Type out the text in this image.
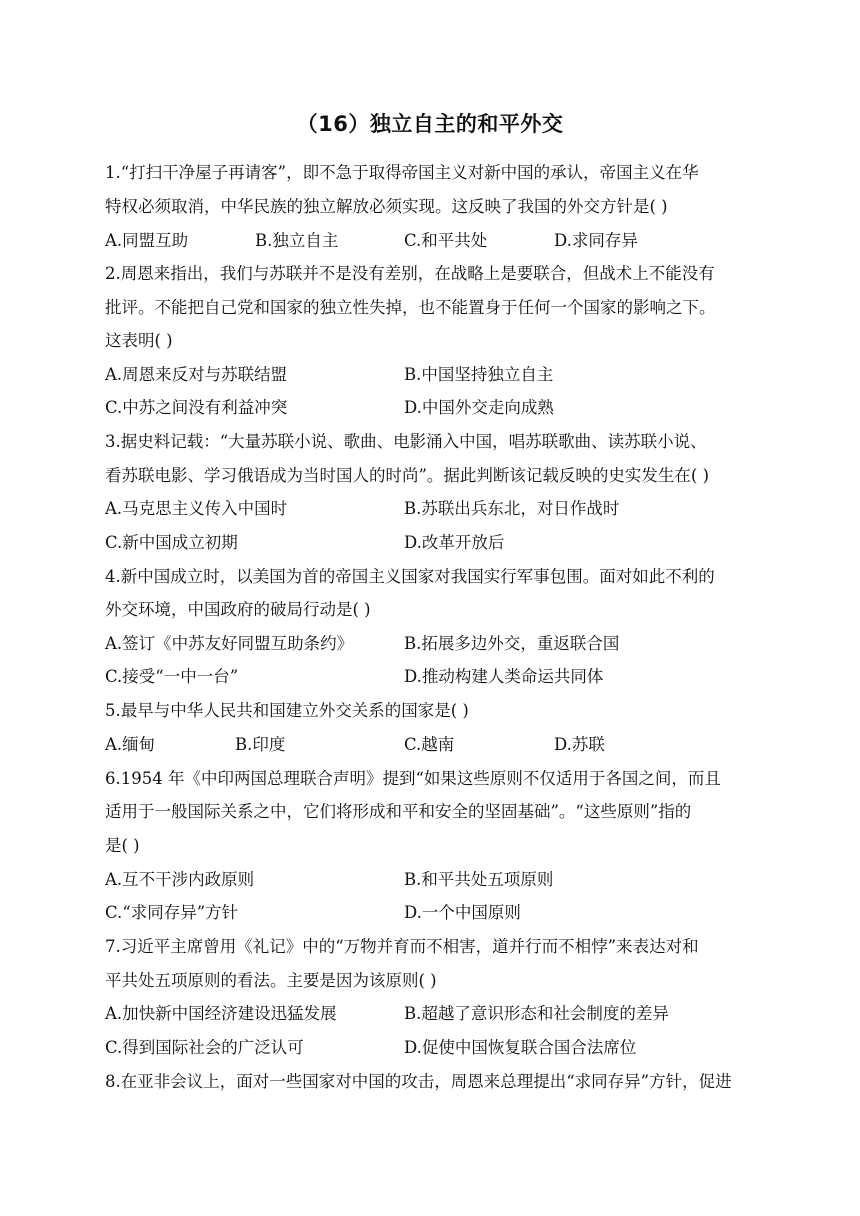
（16）独立自主的和平外交
1.“打扫干净屋子再请客”，即不急于取得帝国主义对新中国的承认，帝国主义在华
特权必须取消，中华民族的独立解放必须实现。这反映了我国的外交方针是( )
A.同盟互助	B.独立自主	C.和平共处	D.求同存异
2.周恩来指出，我们与苏联并不是没有差别，在战略上是要联合，但战术上不能没有
批评。不能把自己党和国家的独立性失掉，也不能置身于任何一个国家的影响之下。
这表明( )
A.周恩来反对与苏联结盟	B.中国坚持独立自主
C.中苏之间没有利益冲突	D.中国外交走向成熟
3.据史料记载：“大量苏联小说、歌曲、电影涌入中国，唱苏联歌曲、读苏联小说、
看苏联电影、学习俄语成为当时国人的时尚”。据此判断该记载反映的史实发生在( )
A.马克思主义传入中国时	B.苏联出兵东北，对日作战时
C.新中国成立初期	D.改革开放后
4.新中国成立时，以美国为首的帝国主义国家对我国实行军事包围。面对如此不利的
外交环境，中国政府的破局行动是( )
A.签订《中苏友好同盟互助条约》	B.拓展多边外交，重返联合国
C.接受“一中一台”	D.推动构建人类命运共同体
5.最早与中华人民共和国建立外交关系的国家是( )
A.缅甸	B.印度	C.越南	D.苏联
6.1954 年《中印两国总理联合声明》提到“如果这些原则不仅适用于各国之间，而且
适用于一般国际关系之中，它们将形成和平和安全的坚固基础”。“这些原则”指的
是( )
A.互不干涉内政原则	B.和平共处五项原则
C.“求同存异”方针	D.一个中国原则
7.习近平主席曾用《礼记》中的“万物并育而不相害，道并行而不相悖”来表达对和
平共处五项原则的看法。主要是因为该原则( )
A.加快新中国经济建设迅猛发展	B.超越了意识形态和社会制度的差异
C.得到国际社会的广泛认可	D.促使中国恢复联合国合法席位
8.在亚非会议上，面对一些国家对中国的攻击，周恩来总理提出“求同存异”方针，促进
